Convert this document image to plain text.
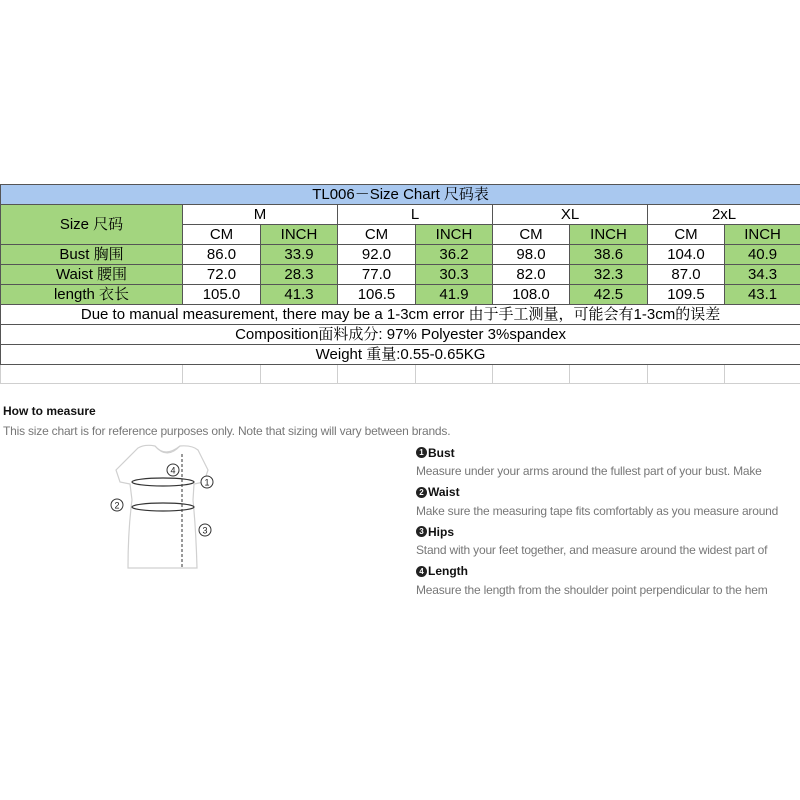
TL006－Size Chart 尺码表								
Size 尺码	M		L		XL		2xL	
	CM	INCH	CM	INCH	CM	INCH	CM	INCH
Bust 胸围	86.0	33.9	92.0	36.2	98.0	38.6	104.0	40.9
Waist 腰围	72.0	28.3	77.0	30.3	82.0	32.3	87.0	34.3
length 衣长	105.0	41.3	106.5	41.9	108.0	42.5	109.5	43.1
Due to manual measurement, there may be a 1-3cm error 由于手工测量，可能会有1-3cm的误差								
Composition面料成分: 97% Polyester 3%spandex								
Weight 重量:0.55-0.65KG								

How to measure
This size chart is for reference purposes only. Note that sizing will vary between brands.
4
1
2
3
1 Bust
Measure under your arms around the fullest part of your bust. Make
2 Waist
Make sure the measuring tape fits comfortably as you measure around
3 Hips
Stand with your feet together, and measure around the widest part of
4 Length
Measure the length from the shoulder point perpendicular to the hem
